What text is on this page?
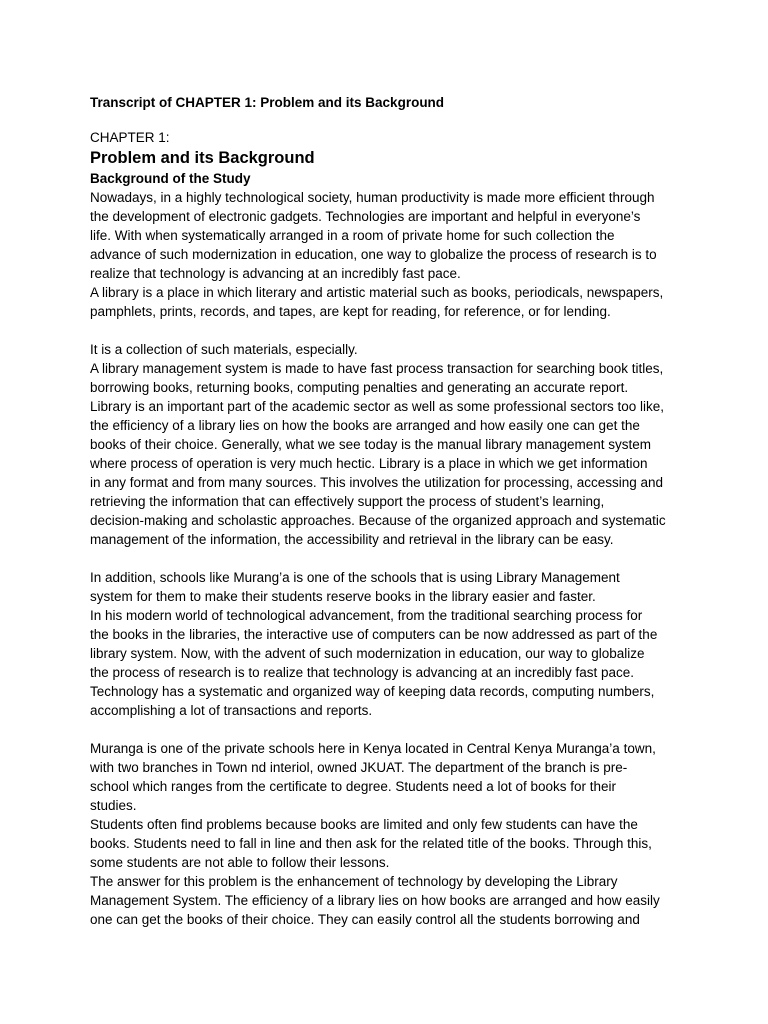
Transcript of CHAPTER 1: Problem and its Background
CHAPTER 1:
Problem and its Background
Background of the Study
Nowadays, in a highly technological society, human productivity is made more efficient through
the development of electronic gadgets. Technologies are important and helpful in everyone’s
life. With when systematically arranged in a room of private home for such collection the
advance of such modernization in education, one way to globalize the process of research is to
realize that technology is advancing at an incredibly fast pace.
A library is a place in which literary and artistic material such as books, periodicals, newspapers,
pamphlets, prints, records, and tapes, are kept for reading, for reference, or for lending.
It is a collection of such materials, especially.
A library management system is made to have fast process transaction for searching book titles,
borrowing books, returning books, computing penalties and generating an accurate report.
Library is an important part of the academic sector as well as some professional sectors too like,
the efficiency of a library lies on how the books are arranged and how easily one can get the
books of their choice. Generally, what we see today is the manual library management system
where process of operation is very much hectic. Library is a place in which we get information
in any format and from many sources. This involves the utilization for processing, accessing and
retrieving the information that can effectively support the process of student’s learning,
decision-making and scholastic approaches. Because of the organized approach and systematic
management of the information, the accessibility and retrieval in the library can be easy.
In addition, schools like Murang’a is one of the schools that is using Library Management
system for them to make their students reserve books in the library easier and faster.
In his modern world of technological advancement, from the traditional searching process for
the books in the libraries, the interactive use of computers can be now addressed as part of the
library system. Now, with the advent of such modernization in education, our way to globalize
the process of research is to realize that technology is advancing at an incredibly fast pace.
Technology has a systematic and organized way of keeping data records, computing numbers,
accomplishing a lot of transactions and reports.
Muranga is one of the private schools here in Kenya located in Central Kenya Muranga’a town,
with two branches in Town nd interiol, owned JKUAT. The department of the branch is pre-
school which ranges from the certificate to degree. Students need a lot of books for their
studies.
Students often find problems because books are limited and only few students can have the
books. Students need to fall in line and then ask for the related title of the books. Through this,
some students are not able to follow their lessons.
The answer for this problem is the enhancement of technology by developing the Library
Management System. The efficiency of a library lies on how books are arranged and how easily
one can get the books of their choice. They can easily control all the students borrowing and
